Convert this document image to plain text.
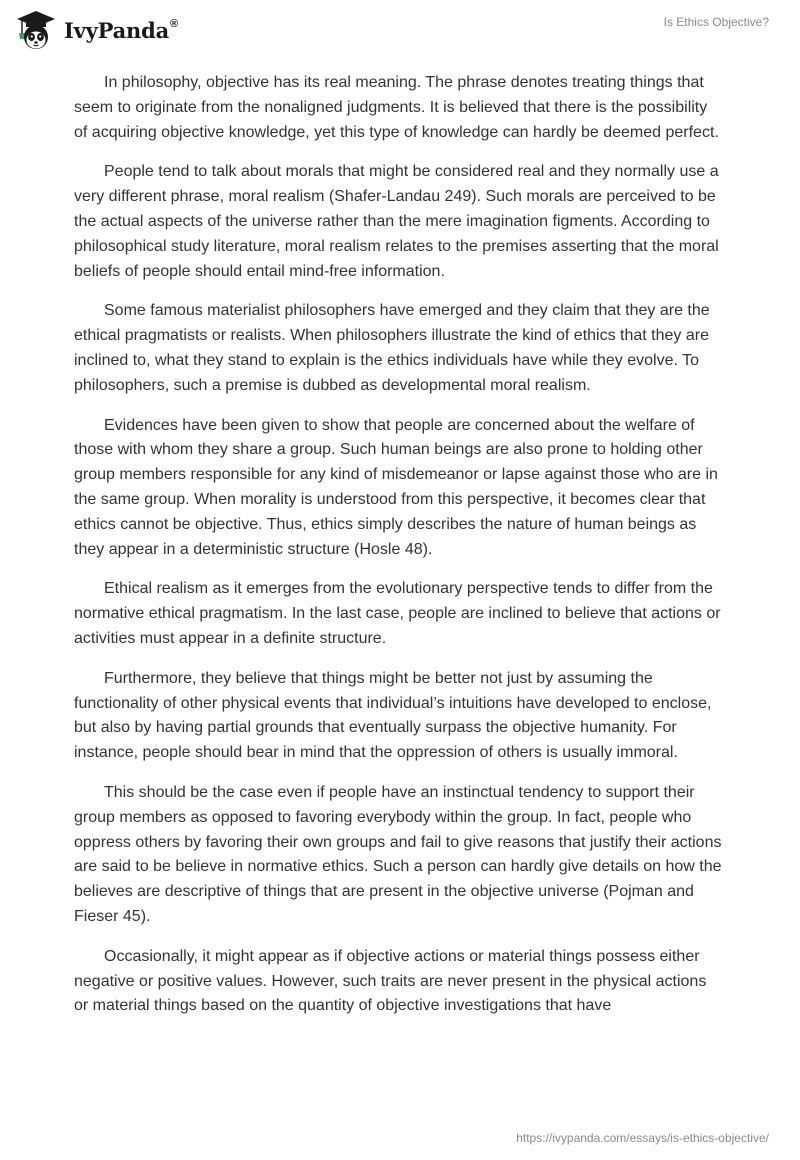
IvyPanda®	Is Ethics Objective?

In philosophy, objective has its real meaning. The phrase denotes treating things that seem to originate from the nonaligned judgments. It is believed that there is the possibility of acquiring objective knowledge, yet this type of knowledge can hardly be deemed perfect.

People tend to talk about morals that might be considered real and they normally use a very different phrase, moral realism (Shafer-Landau 249). Such morals are perceived to be the actual aspects of the universe rather than the mere imagination figments. According to philosophical study literature, moral realism relates to the premises asserting that the moral beliefs of people should entail mind-free information.

Some famous materialist philosophers have emerged and they claim that they are the ethical pragmatists or realists. When philosophers illustrate the kind of ethics that they are inclined to, what they stand to explain is the ethics individuals have while they evolve. To philosophers, such a premise is dubbed as developmental moral realism.

Evidences have been given to show that people are concerned about the welfare of those with whom they share a group. Such human beings are also prone to holding other group members responsible for any kind of misdemeanor or lapse against those who are in the same group. When morality is understood from this perspective, it becomes clear that ethics cannot be objective. Thus, ethics simply describes the nature of human beings as they appear in a deterministic structure (Hosle 48).

Ethical realism as it emerges from the evolutionary perspective tends to differ from the normative ethical pragmatism. In the last case, people are inclined to believe that actions or activities must appear in a definite structure.

Furthermore, they believe that things might be better not just by assuming the functionality of other physical events that individual’s intuitions have developed to enclose, but also by having partial grounds that eventually surpass the objective humanity. For instance, people should bear in mind that the oppression of others is usually immoral.

This should be the case even if people have an instinctual tendency to support their group members as opposed to favoring everybody within the group. In fact, people who oppress others by favoring their own groups and fail to give reasons that justify their actions are said to be believe in normative ethics. Such a person can hardly give details on how the believes are descriptive of things that are present in the objective universe (Pojman and Fieser 45).

Occasionally, it might appear as if objective actions or material things possess either negative or positive values. However, such traits are never present in the physical actions or material things based on the quantity of objective investigations that have

https://ivypanda.com/essays/is-ethics-objective/
